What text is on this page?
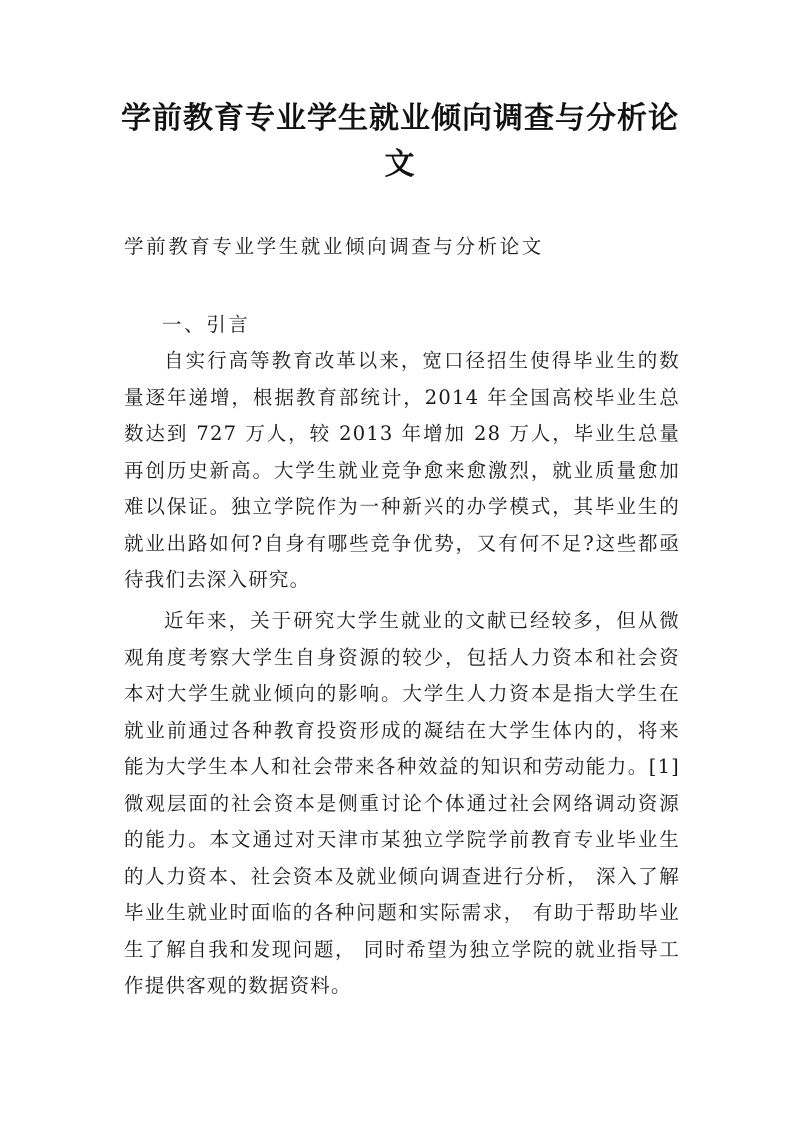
学前教育专业学生就业倾向调查与分析论文

学前教育专业学生就业倾向调查与分析论文

一、引言

自实行高等教育改革以来，宽口径招生使得毕业生的数量逐年递增，根据教育部统计，2014 年全国高校毕业生总数达到 727 万人，较 2013 年增加 28 万人，毕业生总量再创历史新高。大学生就业竞争愈来愈激烈，就业质量愈加难以保证。独立学院作为一种新兴的办学模式，其毕业生的就业出路如何?自身有哪些竞争优势，又有何不足?这些都亟待我们去深入研究。

近年来，关于研究大学生就业的文献已经较多，但从微观角度考察大学生自身资源的较少，包括人力资本和社会资本对大学生就业倾向的影响。大学生人力资本是指大学生在就业前通过各种教育投资形成的凝结在大学生体内的，将来能为大学生本人和社会带来各种效益的知识和劳动能力。[1] 微观层面的社会资本是侧重讨论个体通过社会网络调动资源的能力。本文通过对天津市某独立学院学前教育专业毕业生的人力资本、社会资本及就业倾向调查进行分析， 深入了解毕业生就业时面临的各种问题和实际需求， 有助于帮助毕业生了解自我和发现问题， 同时希望为独立学院的就业指导工作提供客观的数据资料。
